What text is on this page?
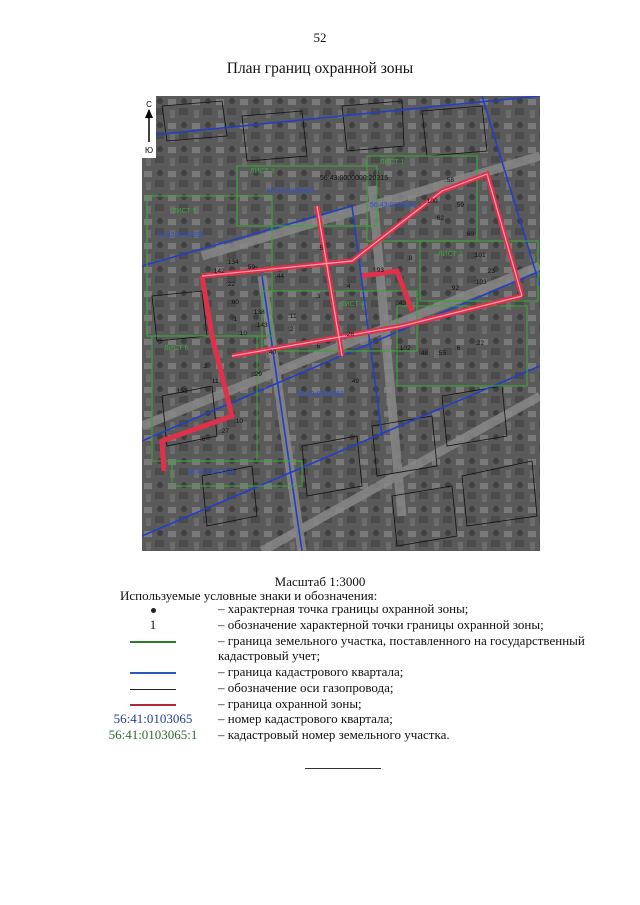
52
План границ охранной зоны
С
Ю
ЛИСТ 1
ЛИСТ 2
ЛИСТ 3
ЛИСТ 4
ЛИСТ 5
ЛИСТ 6
56:43:0206060
56:43:0206061
56:43:0206038
56:43:0206062
56:43:0206039
56:43:0000000:20315	:58
:100
:59
:62
:60
:101
:23
:103
:92
:93
:8
:5
:4
:3
:43
:59
:134
:44
:142
:22
:60
:138
:1
:143
:10
:11
:2
:28
:40
:6
:29
:102
:48 :55
:6
:22
:49
:2
:153
:11
:10
:27
:6
Масштаб 1:3000
Используемые условные знаки и обозначения:
– характерная точка границы охранной зоны;
1	– обозначение характерной точки границы охранной зоны;
– граница земельного участка, поставленного на государственный
кадастровый учет;
– граница кадастрового квартала;
– обозначение оси газопровода;
– граница охранной зоны;
56:41:0103065	– номер кадастрового квартала;
56:41:0103065:1	– кадастровый номер земельного участка.
